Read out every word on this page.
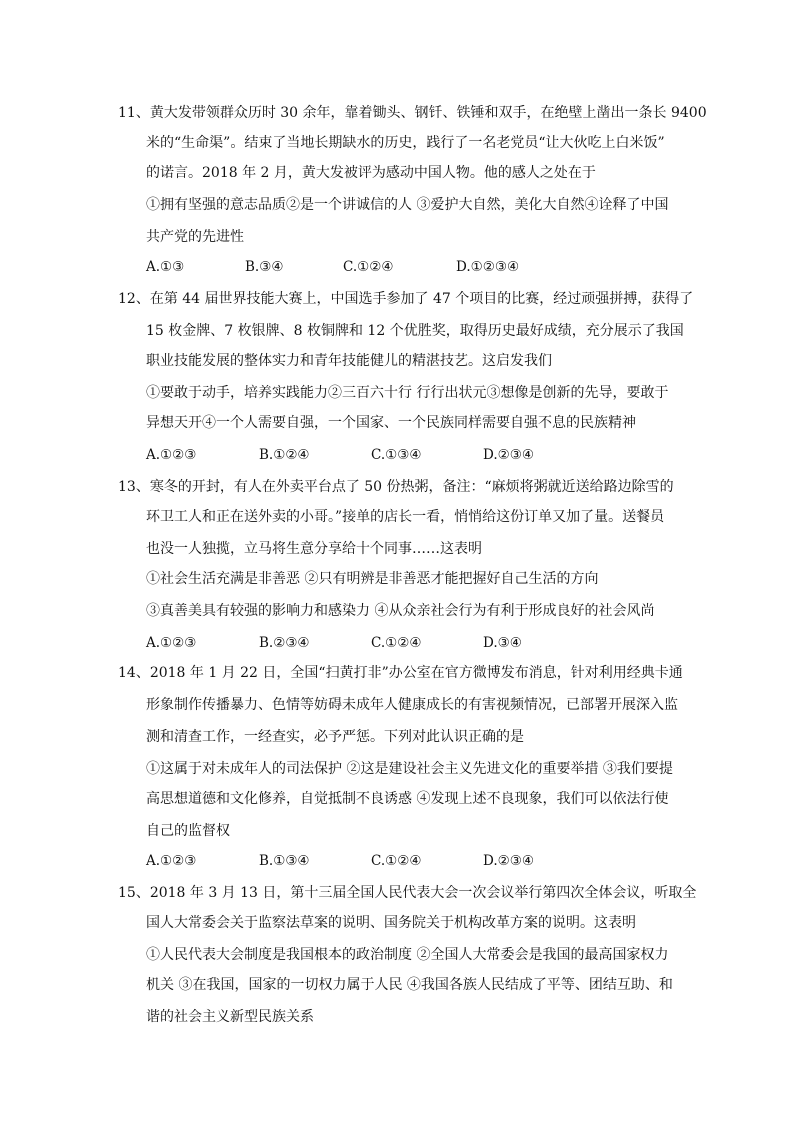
11、黄大发带领群众历时 30 余年，靠着锄头、钢钎、铁锤和双手，在绝壁上凿出一条长 9400
米的“生命渠”。结束了当地长期缺水的历史，践行了一名老党员“让大伙吃上白米饭”
的诺言。2018 年 2 月，黄大发被评为感动中国人物。他的感人之处在于
①拥有坚强的意志品质②是一个讲诚信的人 ③爱护大自然，美化大自然④诠释了中国
共产党的先进性
A.①③	B.③④	C.①②④	D.①②③④
12、在第 44 届世界技能大赛上，中国选手参加了 47 个项目的比赛，经过顽强拼搏，获得了
15 枚金牌、7 枚银牌、8 枚铜牌和 12 个优胜奖，取得历史最好成绩，充分展示了我国
职业技能发展的整体实力和青年技能健儿的精湛技艺。这启发我们
①要敢于动手，培养实践能力②三百六十行 行行出状元③想像是创新的先导，要敢于
异想天开④一个人需要自强，一个国家、一个民族同样需要自强不息的民族精神
A.①②③	B.①②④	C.①③④	D.②③④
13、寒冬的开封，有人在外卖平台点了 50 份热粥，备注：“麻烦将粥就近送给路边除雪的
环卫工人和正在送外卖的小哥。”接单的店长一看，悄悄给这份订单又加了量。送餐员
也没一人独揽，立马将生意分享给十个同事……这表明
①社会生活充满是非善恶 ②只有明辨是非善恶才能把握好自己生活的方向
③真善美具有较强的影响力和感染力 ④从众亲社会行为有利于形成良好的社会风尚
A.①②③	B.②③④	C.①②④	D.③④
14、2018 年 1 月 22 日，全国“扫黄打非”办公室在官方微博发布消息，针对利用经典卡通
形象制作传播暴力、色情等妨碍未成年人健康成长的有害视频情况，已部署开展深入监
测和清查工作，一经查实，必予严惩。下列对此认识正确的是
①这属于对未成年人的司法保护 ②这是建设社会主义先进文化的重要举措 ③我们要提
高思想道德和文化修养，自觉抵制不良诱惑 ④发现上述不良现象，我们可以依法行使
自己的监督权
A.①②③	B.①③④	C.①②④	D.②③④
15、2018 年 3 月 13 日，第十三届全国人民代表大会一次会议举行第四次全体会议，听取全
国人大常委会关于监察法草案的说明、国务院关于机构改革方案的说明。这表明
①人民代表大会制度是我国根本的政治制度 ②全国人大常委会是我国的最高国家权力
机关 ③在我国，国家的一切权力属于人民 ④我国各族人民结成了平等、团结互助、和
谐的社会主义新型民族关系
